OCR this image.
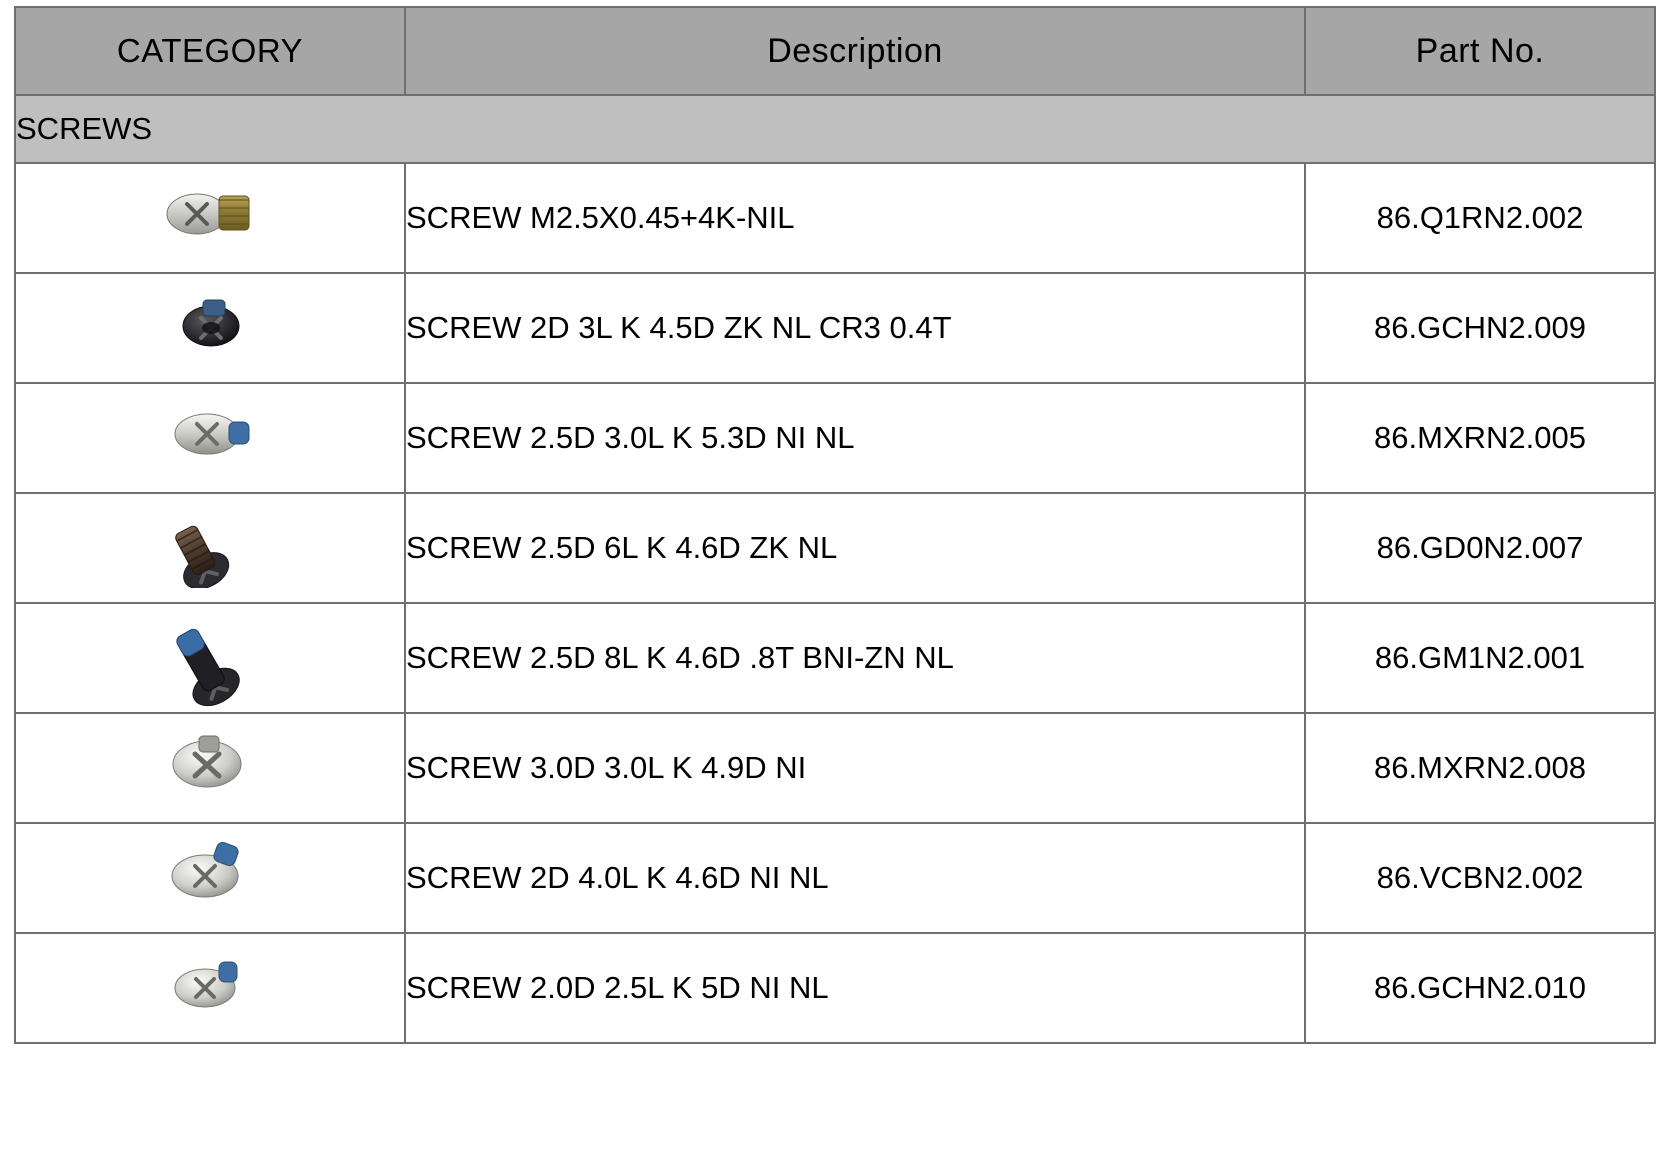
CATEGORY	Description	Part No.
SCREWS		

	SCREW M2.5X0.45+4K-NIL	86.Q1RN2.002

	SCREW 2D 3L K 4.5D ZK NL CR3 0.4T	86.GCHN2.009

	SCREW 2.5D 3.0L K 5.3D NI NL	86.MXRN2.005

	SCREW 2.5D 6L K 4.6D ZK NL	86.GD0N2.007

	SCREW 2.5D 8L K 4.6D .8T BNI-ZN NL	86.GM1N2.001

	SCREW 3.0D 3.0L K 4.9D NI	86.MXRN2.008

	SCREW 2D 4.0L K 4.6D NI NL	86.VCBN2.002

	SCREW 2.0D 2.5L K 5D NI NL	86.GCHN2.010
